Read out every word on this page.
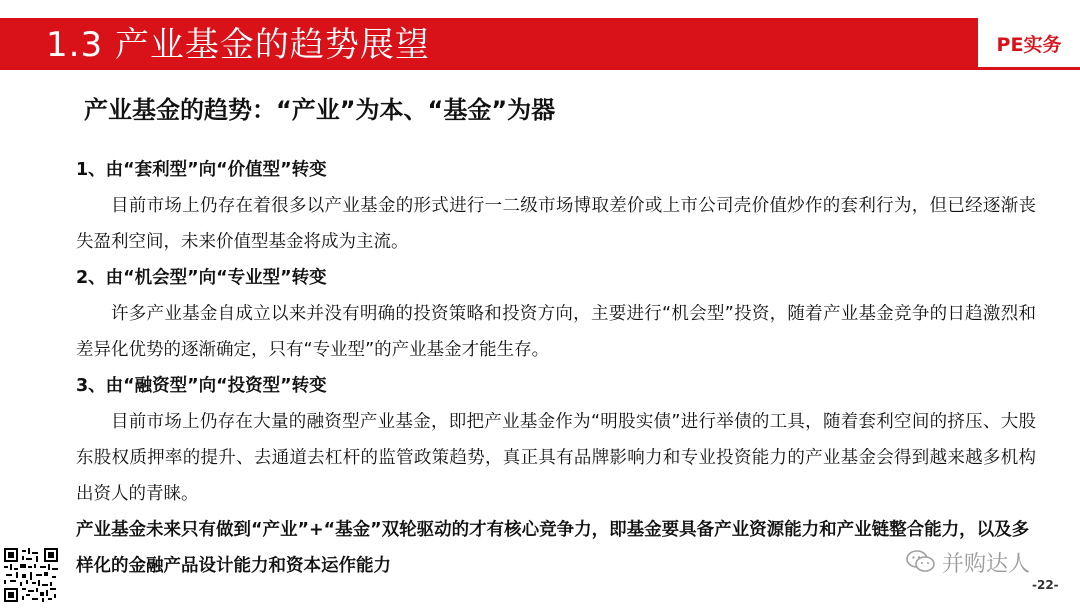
1.3 产业基金的趋势展望	PE实务
产业基金的趋势：“产业”为本、“基金”为器
1、由“套利型”向“价值型”转变
目前市场上仍存在着很多以产业基金的形式进行一二级市场博取差价或上市公司壳价值炒作的套利行为，但已经逐渐丧失盈利空间，未来价值型基金将成为主流。
2、由“机会型”向“专业型”转变
许多产业基金自成立以来并没有明确的投资策略和投资方向，主要进行“机会型”投资，随着产业基金竞争的日趋激烈和差异化优势的逐渐确定，只有“专业型”的产业基金才能生存。
3、由“融资型”向“投资型”转变
目前市场上仍存在大量的融资型产业基金，即把产业基金作为“明股实债”进行举债的工具，随着套利空间的挤压、大股东股权质押率的提升、去通道去杠杆的监管政策趋势，真正具有品牌影响力和专业投资能力的产业基金会得到越来越多机构出资人的青睐。
产业基金未来只有做到“产业”+“基金”双轮驱动的才有核心竞争力，即基金要具备产业资源能力和产业链整合能力，以及多样化的金融产品设计能力和资本运作能力	并购达人
-22-
